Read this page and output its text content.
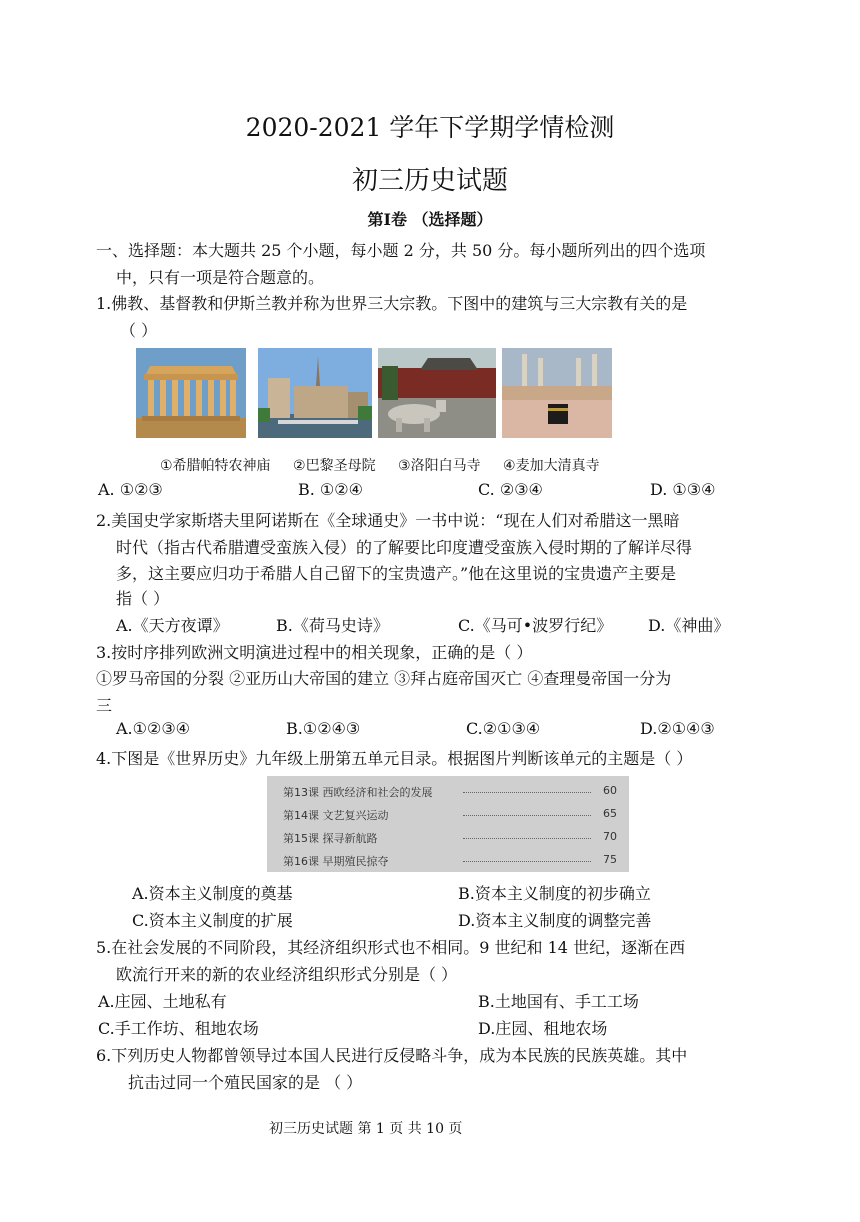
2020-2021 学年下学期学情检测
初三历史试题
第Ⅰ卷 （选择题）
一、选择题：本大题共 25 个小题，每小题 2 分，共 50 分。每小题所列出的四个选项
中，只有一项是符合题意的。
1.佛教、基督教和伊斯兰教并称为世界三大宗教。下图中的建筑与三大宗教有关的是
（ ）
①希腊帕特农神庙 ②巴黎圣母院 ③洛阳白马寺 ④麦加大清真寺
A. ①②③	B. ①②④	C. ②③④	D. ①③④
2.美国史学家斯塔夫里阿诺斯在《全球通史》一书中说：“现在人们对希腊这一黑暗
时代（指古代希腊遭受蛮族入侵）的了解要比印度遭受蛮族入侵时期的了解详尽得
多，这主要应归功于希腊人自己留下的宝贵遗产。”他在这里说的宝贵遗产主要是
指（ ）
A.《天方夜谭》	B.《荷马史诗》	C.《马可•波罗行纪》 D.《神曲》
3.按时序排列欧洲文明演进过程中的相关现象，正确的是（ ）
①罗马帝国的分裂 ②亚历山大帝国的建立 ③拜占庭帝国灭亡 ④查理曼帝国一分为
三
A.①②③④	B.①②④③	C.②①③④	D.②①④③
4.下图是《世界历史》九年级上册第五单元目录。根据图片判断该单元的主题是（ ）
第13课 西欧经济和社会的发展	60
第14课 文艺复兴运动	65
第15课 探寻新航路	70
第16课 早期殖民掠夺	75
A.资本主义制度的奠基	B.资本主义制度的初步确立
C.资本主义制度的扩展	D.资本主义制度的调整完善
5.在社会发展的不同阶段，其经济组织形式也不相同。9 世纪和 14 世纪，逐渐在西
欧流行开来的新的农业经济组织形式分别是（ ）
A.庄园、土地私有	B.土地国有、手工工场
C.手工作坊、租地农场	D.庄园、租地农场
6.下列历史人物都曾领导过本国人民进行反侵略斗争，成为本民族的民族英雄。其中
抗击过同一个殖民国家的是 （ ）
初三历史试题 第 1 页 共 10 页
